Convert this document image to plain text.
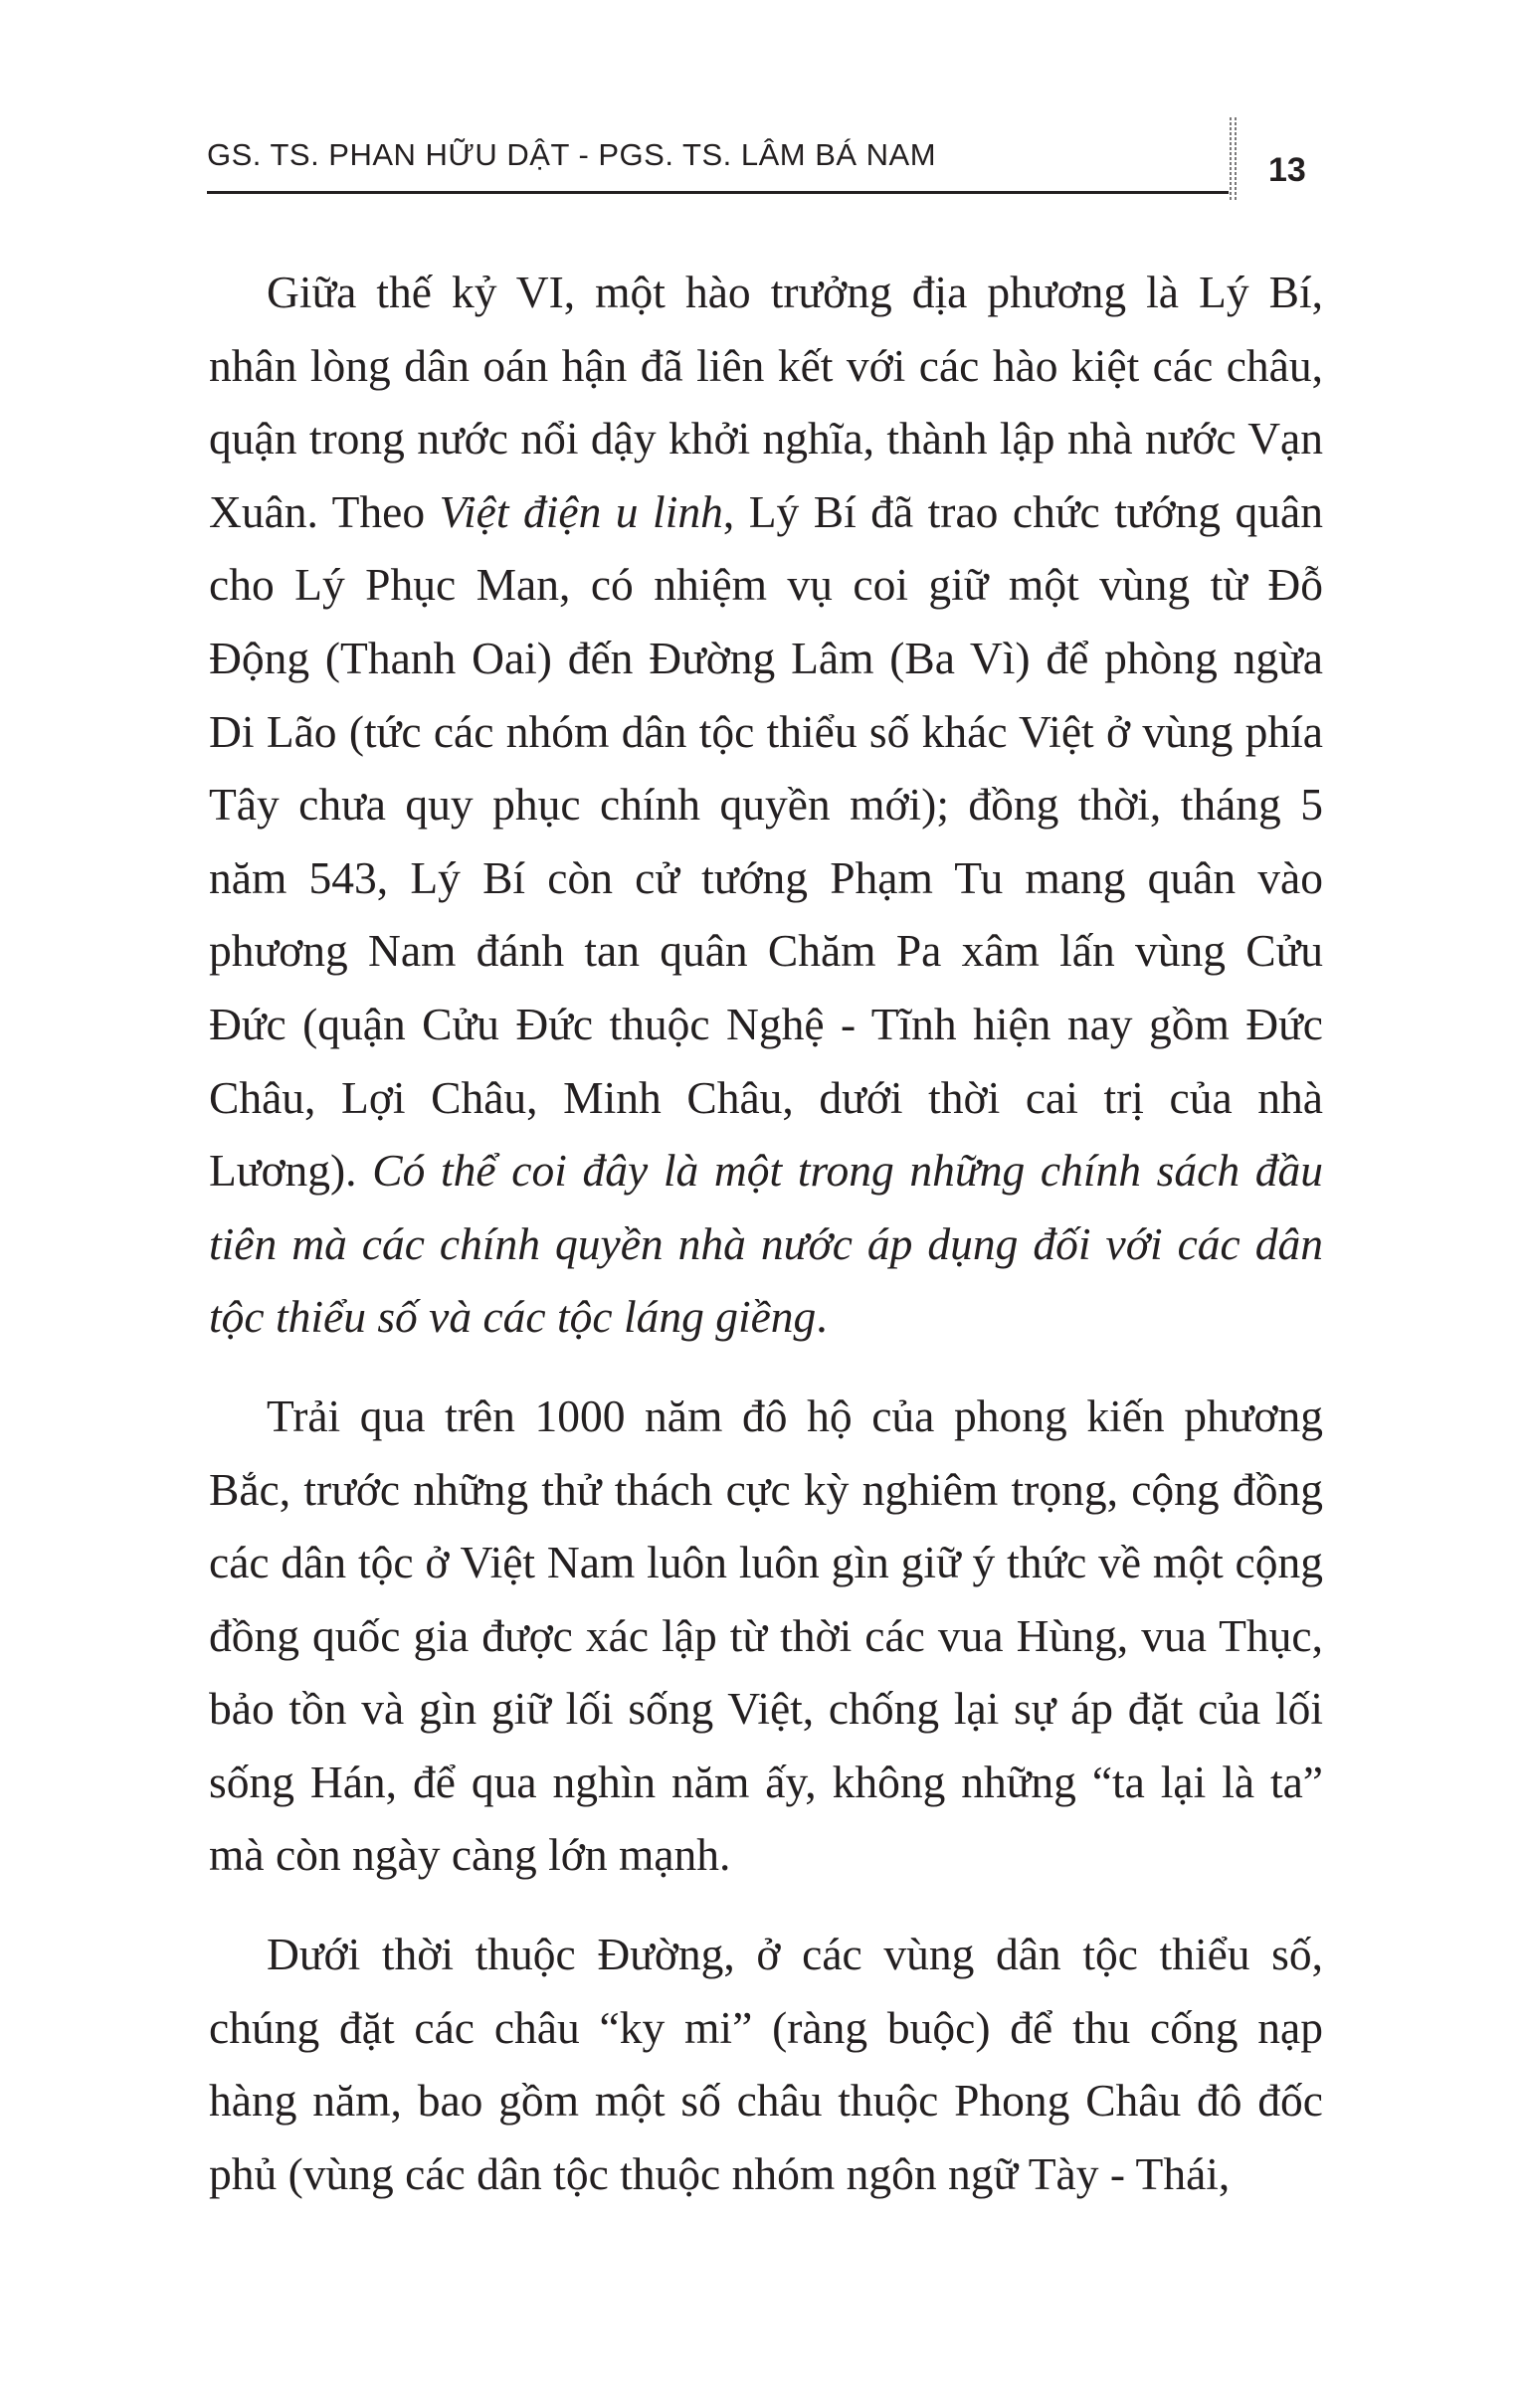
GS. TS. PHAN HỮU DẬT - PGS. TS. LÂM BÁ NAM	13

Giữa thế kỷ VI, một hào trưởng địa phương là Lý Bí, nhân lòng dân oán hận đã liên kết với các hào kiệt các châu, quận trong nước nổi dậy khởi nghĩa, thành lập nhà nước Vạn Xuân. Theo Việt điện u linh, Lý Bí đã trao chức tướng quân cho Lý Phục Man, có nhiệm vụ coi giữ một vùng từ Đỗ Động (Thanh Oai) đến Đường Lâm (Ba Vì) để phòng ngừa Di Lão (tức các nhóm dân tộc thiểu số khác Việt ở vùng phía Tây chưa quy phục chính quyền mới); đồng thời, tháng 5 năm 543, Lý Bí còn cử tướng Phạm Tu mang quân vào phương Nam đánh tan quân Chăm Pa xâm lấn vùng Cửu Đức (quận Cửu Đức thuộc Nghệ - Tĩnh hiện nay gồm Đức Châu, Lợi Châu, Minh Châu, dưới thời cai trị của nhà Lương). Có thể coi đây là một trong những chính sách đầu tiên mà các chính quyền nhà nước áp dụng đối với các dân tộc thiểu số và các tộc láng giềng.

Trải qua trên 1000 năm đô hộ của phong kiến phương Bắc, trước những thử thách cực kỳ nghiêm trọng, cộng đồng các dân tộc ở Việt Nam luôn luôn gìn giữ ý thức về một cộng đồng quốc gia được xác lập từ thời các vua Hùng, vua Thục, bảo tồn và gìn giữ lối sống Việt, chống lại sự áp đặt của lối sống Hán, để qua nghìn năm ấy, không những “ta lại là ta” mà còn ngày càng lớn mạnh.

Dưới thời thuộc Đường, ở các vùng dân tộc thiểu số, chúng đặt các châu “ky mi” (ràng buộc) để thu cống nạp hàng năm, bao gồm một số châu thuộc Phong Châu đô đốc phủ (vùng các dân tộc thuộc nhóm ngôn ngữ Tày - Thái,
